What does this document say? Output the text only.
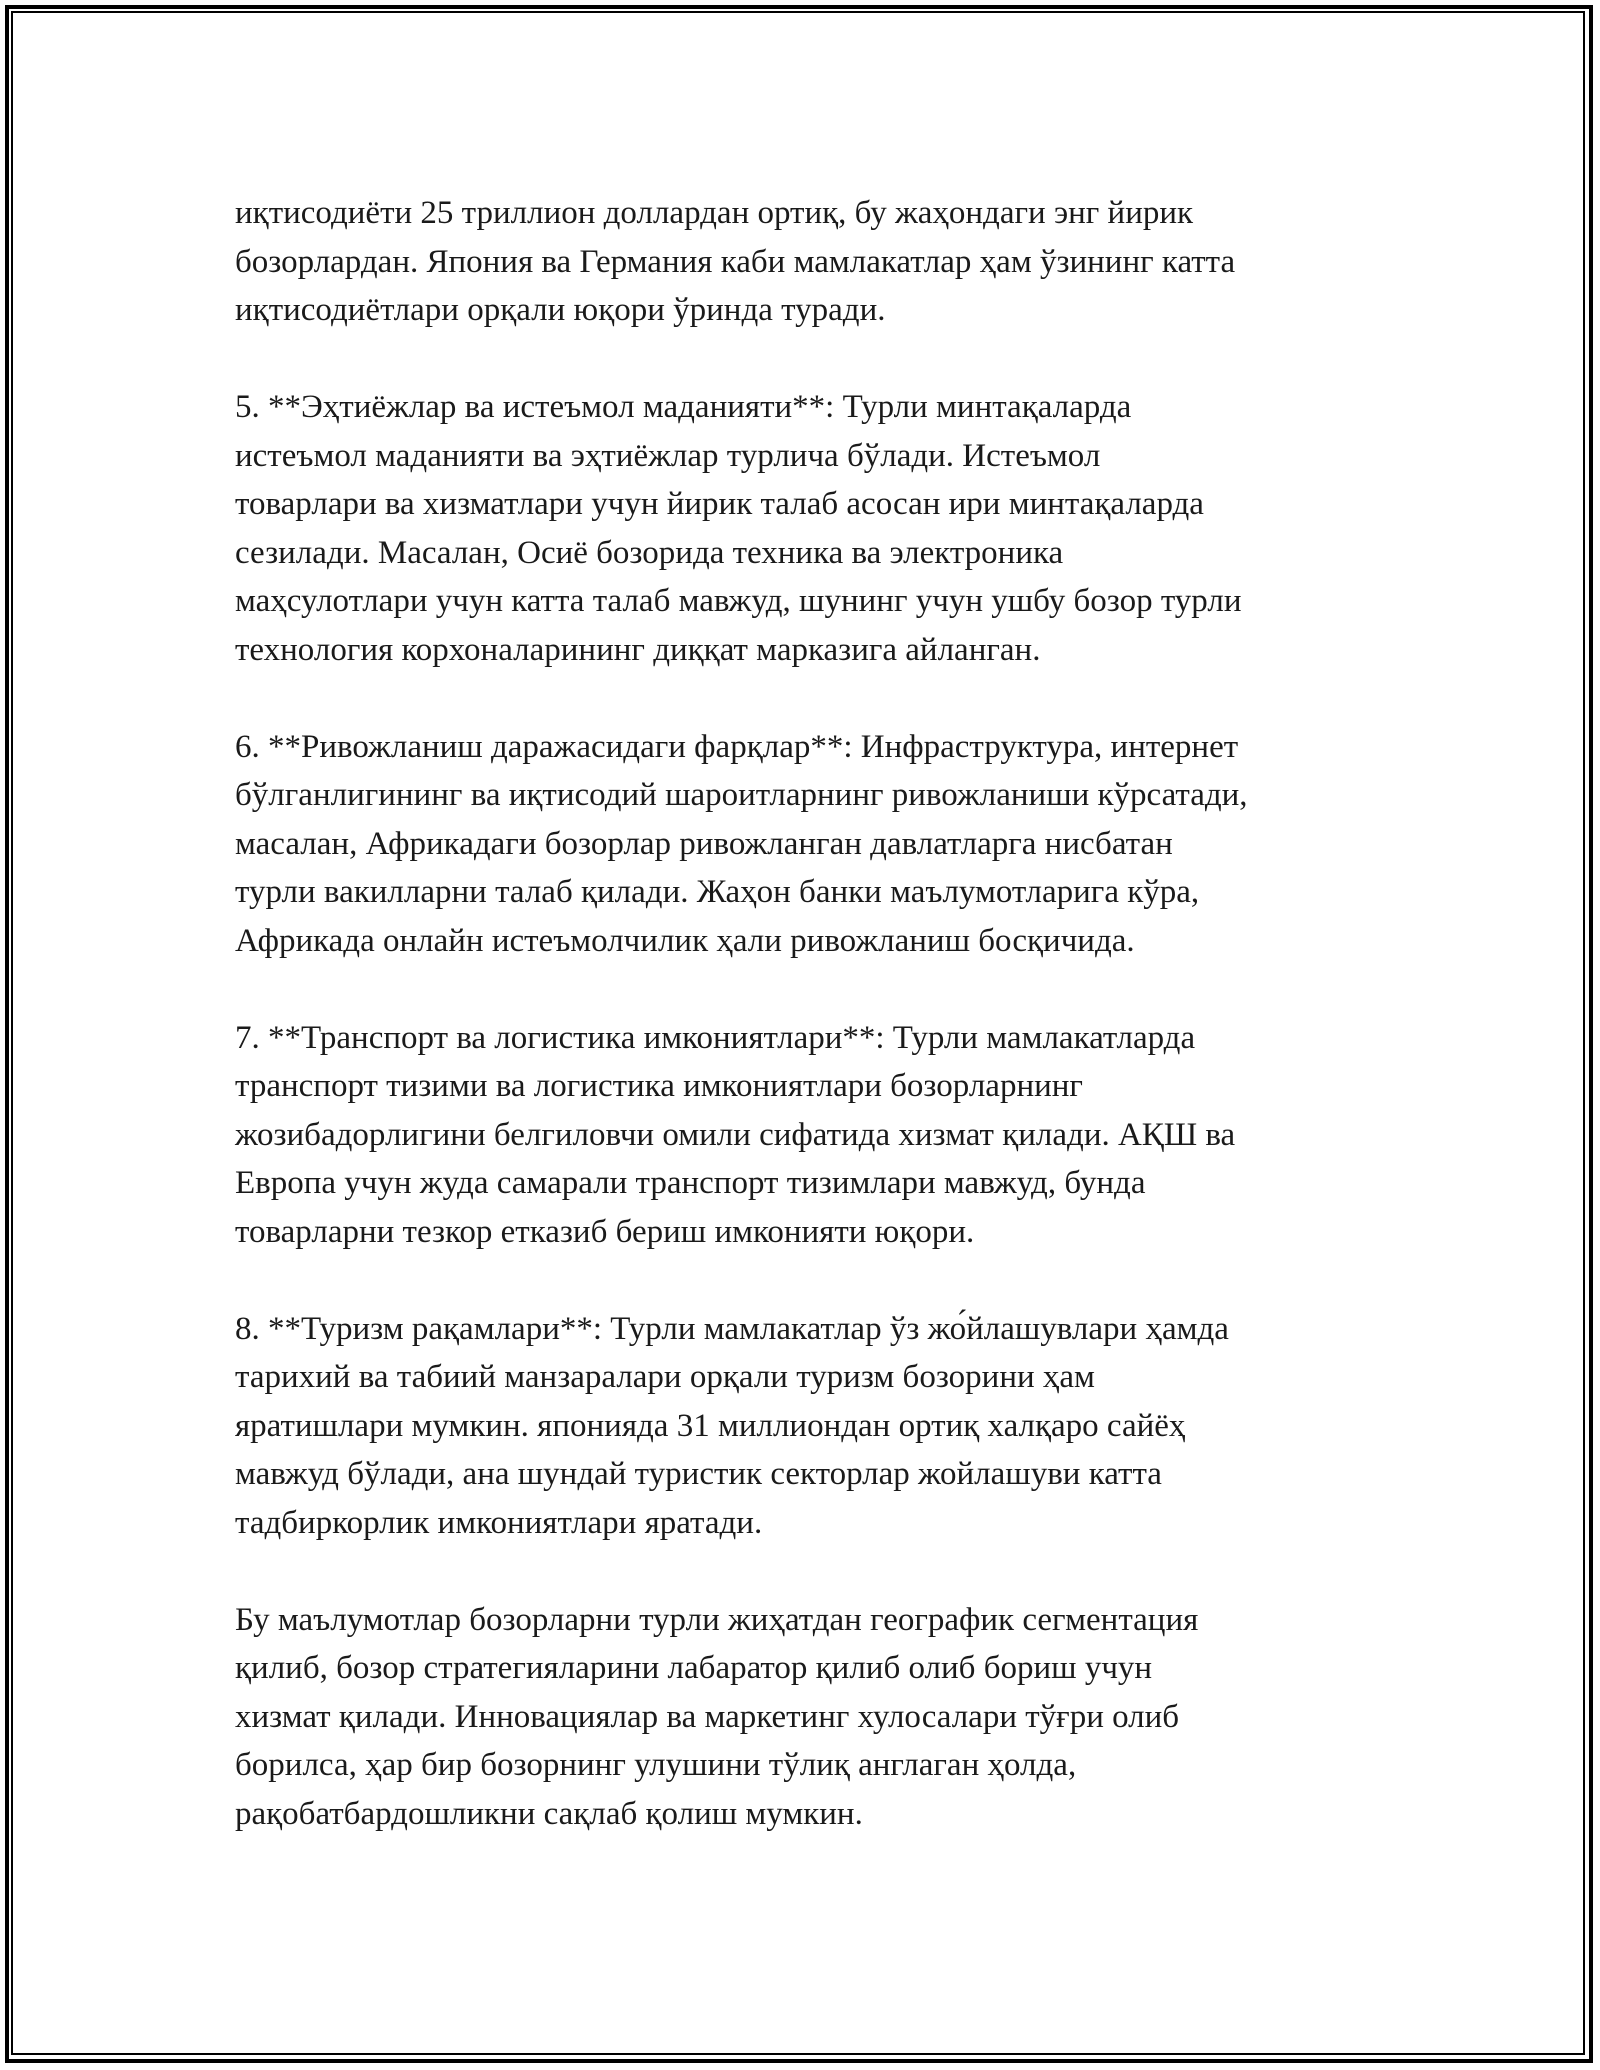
иқтисодиёти 25 триллион доллардан ортиқ, бу жаҳондаги энг йирик
бозорлардан. Япония ва Германия каби мамлакатлар ҳам ўзининг катта
иқтисодиётлари орқали юқори ўринда туради.

5. **Эҳтиёжлар ва истеъмол маданияти**: Турли минтақаларда
истеъмол маданияти ва эҳтиёжлар турлича бўлади. Истеъмол
товарлари ва хизматлари учун йирик талаб асосан ири минтақаларда
сезилади. Масалан, Осиё бозорида техника ва электроника
маҳсулотлари учун катта талаб мавжуд, шунинг учун ушбу бозор турли
технология корхоналарининг диққат марказига айланган.

6. **Ривожланиш даражасидаги фарқлар**: Инфраструктура, интернет
бўлганлигининг ва иқтисодий шароитларнинг ривожланиши кўрсатади,
масалан, Африкадаги бозорлар ривожланган давлатларга нисбатан
турли вакилларни талаб қилади. Жаҳон банки маълумотларига кўра,
Африкада онлайн истеъмолчилик ҳали ривожланиш босқичида.

7. **Транспорт ва логистика имкониятлари**: Турли мамлакатларда
транспорт тизими ва логистика имкониятлари бозорларнинг
жозибадорлигини белгиловчи омили сифатида хизмат қилади. АҚШ ва
Европа учун жуда самарали транспорт тизимлари мавжуд, бунда
товарларни тезкор етказиб бериш имконияти юқори.

8. **Туризм рақамлари**: Турли мамлакатлар ўз жо́йлашувлари ҳамда
тарихий ва табиий манзаралари орқали туризм бозорини ҳам
яратишлари мумкин. японияда 31 миллиондан ортиқ халқаро сайёҳ
мавжуд бўлади, ана шундай туристик секторлар жойлашуви катта
тадбиркорлик имкониятлари яратади.

Бу маълумотлар бозорларни турли жиҳатдан географик сегментация
қилиб, бозор стратегияларини лабаратор қилиб олиб бориш учун
хизмат қилади. Инновациялар ва маркетинг хулосалари тўғри олиб
борилса, ҳар бир бозорнинг улушини тўлиқ англаган ҳолда,
рақобатбардошликни сақлаб қолиш мумкин.
